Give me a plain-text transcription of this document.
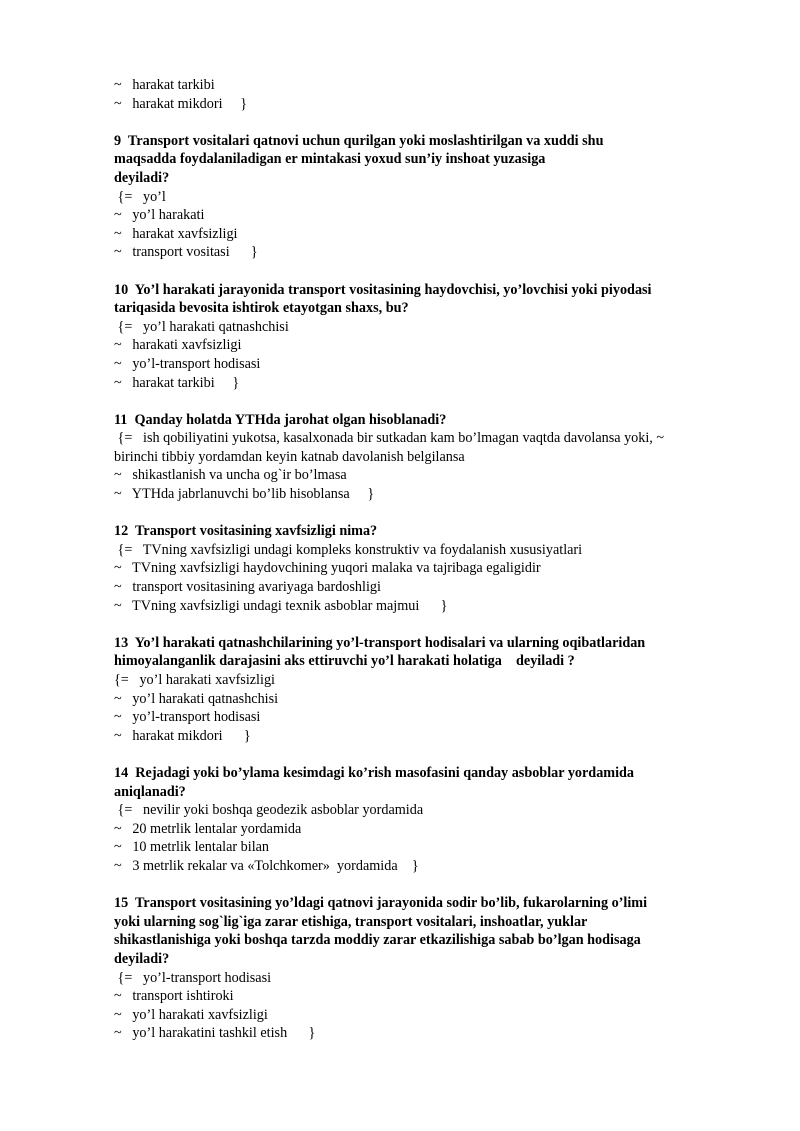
~   harakat tarkibi

~   harakat mikdori     }

9  Transport vositalari qatnovi uchun qurilgan yoki moslashtirilgan va xuddi shu

maqsadda foydalaniladigan er mintakasi yoxud sun’iy inshoat yuzasiga

deyiladi?

{=   yo’l

~   yo’l harakati

~   harakat xavfsizligi

~   transport vositasi      }

10  Yo’l harakati jarayonida transport vositasining haydovchisi, yo’lovchisi yoki piyodasi

tariqasida bevosita ishtirok etayotgan shaxs, bu?

{=   yo’l harakati qatnashchisi

~   harakati xavfsizligi

~   yo’l-transport hodisasi

~   harakat tarkibi     }

11  Qanday holatda YTHda jarohat olgan hisoblanadi?

{=   ish qobiliyatini yukotsa, kasalxonada bir sutkadan kam bo’lmagan vaqtda davolansa yoki, ~

birinchi tibbiy yordamdan keyin katnab davolanish belgilansa

~   shikastlanish va uncha og`ir bo’lmasa

~   YTHda jabrlanuvchi bo’lib hisoblansa     }

12  Transport vositasining xavfsizligi nima?

{=   TVning xavfsizligi undagi kompleks konstruktiv va foydalanish xususiyatlari

~   TVning xavfsizligi haydovchining yuqori malaka va tajribaga egaligidir

~   transport vositasining avariyaga bardoshligi

~   TVning xavfsizligi undagi texnik asboblar majmui      }

13  Yo’l harakati qatnashchilarining yo’l-transport hodisalari va ularning oqibatlaridan

himoyalanganlik darajasini aks ettiruvchi yo’l harakati holatiga    deyiladi ?

{=   yo’l harakati xavfsizligi

~   yo’l harakati qatnashchisi

~   yo’l-transport hodisasi

~   harakat mikdori      }

14  Rejadagi yoki bo’ylama kesimdagi ko’rish masofasini qanday asboblar yordamida

aniqlanadi?

{=   nevilir yoki boshqa geodezik asboblar yordamida

~   20 metrlik lentalar yordamida

~   10 metrlik lentalar bilan

~   3 metrlik rekalar va «Tolchkomer»  yordamida    }

15  Transport vositasining yo’ldagi qatnovi jarayonida sodir bo’lib, fukarolarning o’limi

yoki ularning sog`lig`iga zarar etishiga, transport vositalari, inshoatlar, yuklar

shikastlanishiga yoki boshqa tarzda moddiy zarar etkazilishiga sabab bo’lgan hodisaga

deyiladi?

{=   yo’l-transport hodisasi

~   transport ishtiroki

~   yo’l harakati xavfsizligi

~   yo’l harakatini tashkil etish      }
